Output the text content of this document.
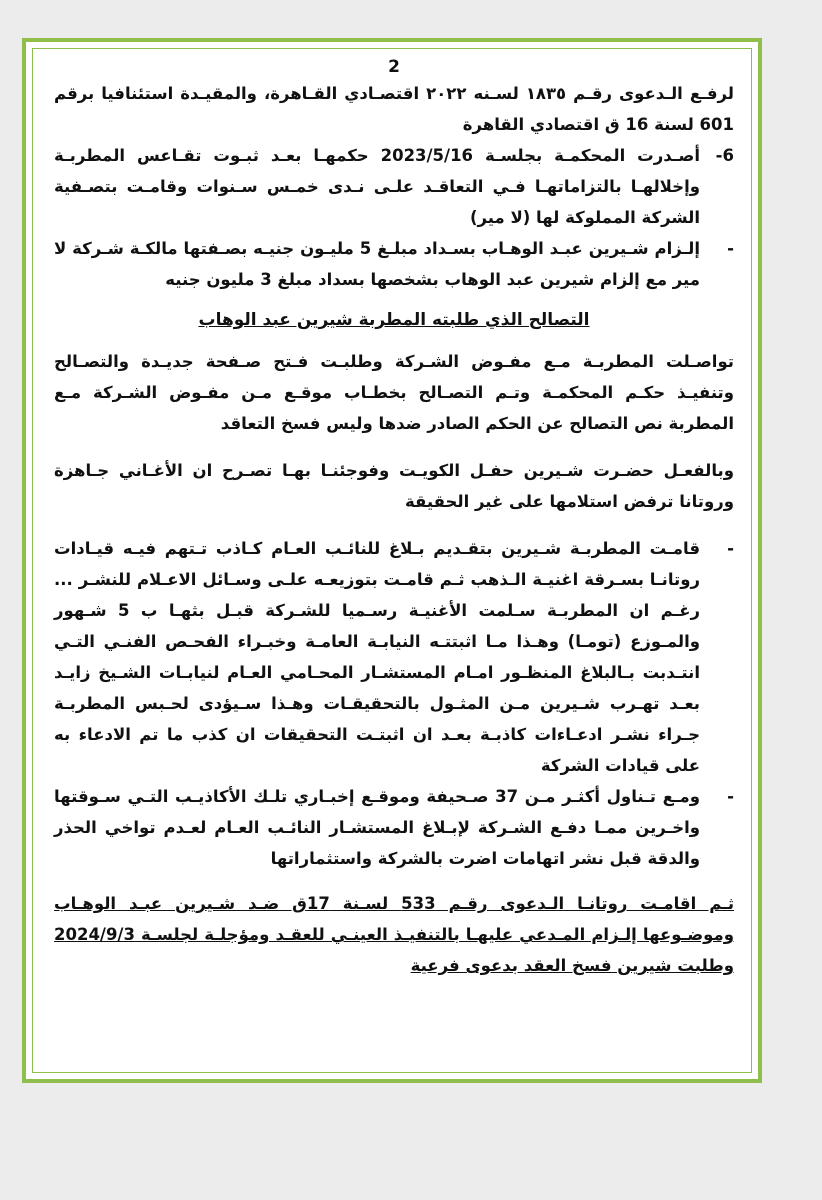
2

لرفـع الـدعوى رقـم ١٨٣٥ لسـنه ٢٠٢٢ اقتصـادي القـاهرة، والمقيـدة استئنافيا برقم 601 لسنة 16 ق اقتصادي القاهرة

6-
أصـدرت المحكمـة بجلسـة 2023/5/16 حكمهـا بعـد ثبـوت تقـاعس المطربـة وإخلالهـا بالتزاماتهـا فـي التعاقـد علـى نـدى خمـس سـنوات وقامـت بتصـفية الشركة المملوكة لها (لا مير)
-
إلـزام شـيرين عبـد الوهـاب بسـداد مبلـغ 5 مليـون جنيـه بصـفتها مالكـة شـركة لا مير مع إلزام شيرين عبد الوهاب بشخصها بسداد مبلغ 3 مليون جنيه

التصالح الذي طلبته المطربة شيرين عبد الوهاب

تواصـلت المطربـة مـع مفـوض الشـركة وطلبـت فـتح صـفحة جديـدة والتصـالح وتنفيـذ حكـم المحكمـة وتـم التصـالح بخطـاب موقـع مـن مفـوض الشـركة مـع المطربة نص التصالح عن الحكم الصادر ضدها وليس فسخ التعاقد

وبالفعـل حضـرت شـيرين حفـل الكويـت وفوجئنـا بهـا تصـرح ان الأغـاني جـاهزة وروتانا ترفض استلامها على غير الحقيقة

-
قامـت المطربـة شـيرين بتقـديم بـلاغ للنائـب العـام كـاذب تـتهم فيـه قيـادات روتانـا بسـرقة اغنيـة الـذهب ثـم قامـت بتوزيعـه علـى وسـائل الاعـلام للنشـر ... رغـم ان المطربـة سـلمت الأغنيـة رسـميا للشـركة قبـل بثهـا ب 5 شـهور والمـوزع (تومـا) وهـذا مـا اثبتتـه النيابـة العامـة وخبـراء الفحـص الفنـي التـي انتـدبت بـالبلاغ المنظـور امـام المستشـار المحـامي العـام لنيابـات الشـيخ زايـد بعـد تهـرب شـيرين مـن المثـول بالتحقيقـات وهـذا سـيؤدى لحـبس المطربـة جـراء نشـر ادعـاءات كاذبـة بعـد ان اثبتـت التحقيقات ان كذب ما تم الادعاء به على قيادات الشركة
-
ومـع تـناول أكثـر مـن 37 صـحيفة وموقـع إخبـاري تلـك الأكاذيـب التـي سـوقتها واخـرين ممـا دفـع الشـركة لإبـلاغ المستشـار النائـب العـام لعـدم تواخي الحذر والدقة قبل نشر اتهامات اضرت بالشركة واستثماراتها

ثـم اقامـت روتانـا الـدعوى رقـم 533 لسـنة 17ق ضـد شـيرين عبـد الوهـاب وموضـوعها إلـزام المـدعي عليهـا بالتنفيـذ العينـي للعقـد ومؤجلـة لجلسـة 2024/9/3 وطلبت شيرين فسخ العقد بدعوى فرعية
